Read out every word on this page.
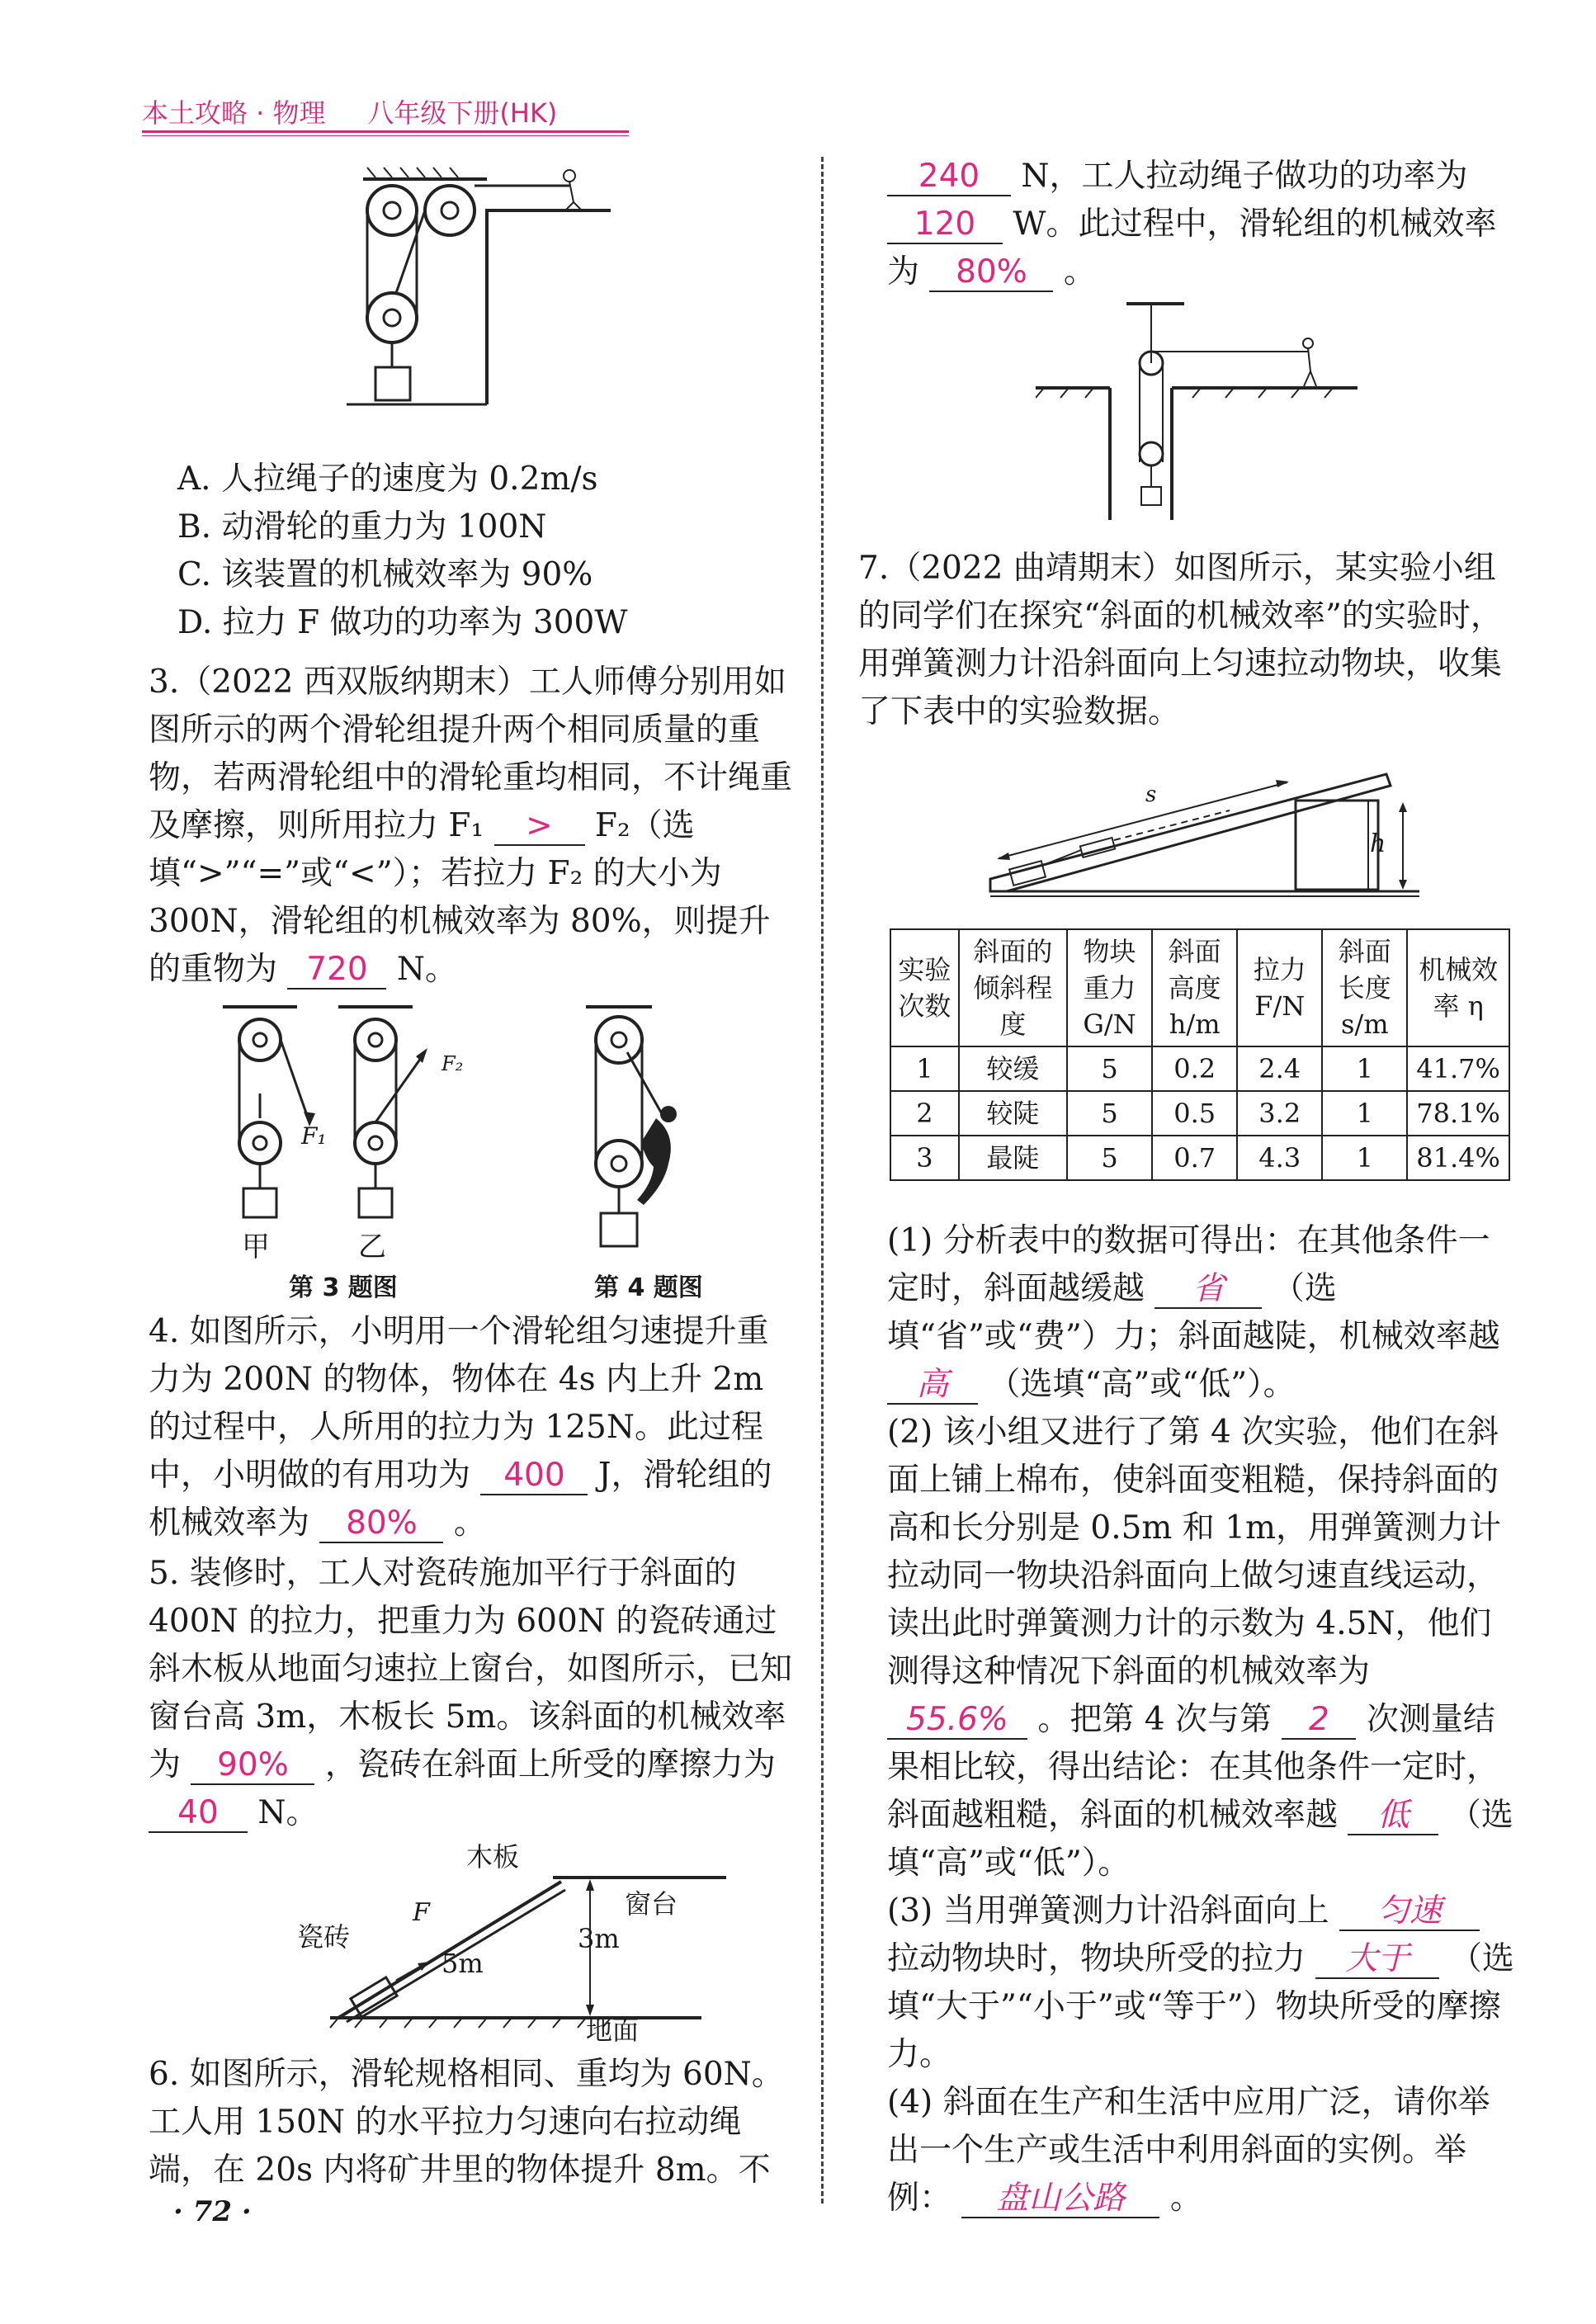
本土攻略 · 物理 八年级下册(HK)

A. 人拉绳子的速度为 0.2m/s

B. 动滑轮的重力为 100N

C. 该装置的机械效率为 90%

D. 拉力 F 做功的功率为 300W

3.（2022 西双版纳期末）工人师傅分别用如图所示的两个滑轮组提升两个相同质量的重物，若两滑轮组中的滑轮重均相同，不计绳重及摩擦，则所用拉力 F₁ > F₂（选填“>”“=”或“<”）；若拉力 F₂ 的大小为 300N，滑轮组的机械效率为 80%，则提升的重物为 720 N。

甲	乙
F₁
F₂
第 3 题图	第 4 题图

4. 如图所示，小明用一个滑轮组匀速提升重力为 200N 的物体，物体在 4s 内上升 2m 的过程中，人所用的拉力为 125N。此过程中，小明做的有用功为 400 J，滑轮组的机械效率为 80% 。

5. 装修时，工人对瓷砖施加平行于斜面的 400N 的拉力，把重力为 600N 的瓷砖通过斜木板从地面匀速拉上窗台，如图所示，已知窗台高 3m，木板长 5m。该斜面的机械效率为 90% ，瓷砖在斜面上所受的摩擦力为 40 N。

木板
瓷砖
F
5m
3m
窗台
地面

6. 如图所示，滑轮规格相同、重均为 60N。工人用 150N 的水平拉力匀速向右拉动绳端，在 20s 内将矿井里的物体提升 8m。不

· 72 ·

240 N，工人拉动绳子做功的功率为 120 W。此过程中，滑轮组的机械效率为 80% 。

7.（2022 曲靖期末）如图所示，某实验小组的同学们在探究“斜面的机械效率”的实验时，用弹簧测力计沿斜面向上匀速拉动物块，收集了下表中的实验数据。

s
h
实验次数	斜面的倾斜程度	物块重力 G/N	斜面高度 h/m	拉力 F/N	斜面长度 s/m	机械效率 η
1	较缓	5	0.2	2.4	1	41.7%
2	较陡	5	0.5	3.2	1	78.1%
3	最陡	5	0.7	4.3	1	81.4%

(1) 分析表中的数据可得出：在其他条件一定时，斜面越缓越 省 （选填“省”或“费”）力；斜面越陡，机械效率越 高 （选填“高”或“低”）。

(2) 该小组又进行了第 4 次实验，他们在斜面上铺上棉布，使斜面变粗糙，保持斜面的高和长分别是 0.5m 和 1m，用弹簧测力计拉动同一物块沿斜面向上做匀速直线运动，读出此时弹簧测力计的示数为 4.5N，他们测得这种情况下斜面的机械效率为 55.6% 。把第 4 次与第 2 次测量结果相比较，得出结论：在其他条件一定时，斜面越粗糙，斜面的机械效率越 低 （选填“高”或“低”）。

(3) 当用弹簧测力计沿斜面向上 匀速 拉动物块时，物块所受的拉力 大于 （选填“大于”“小于”或“等于”）物块所受的摩擦力。

(4) 斜面在生产和生活中应用广泛，请你举出一个生产或生活中利用斜面的实例。举例： 盘山公路 。
